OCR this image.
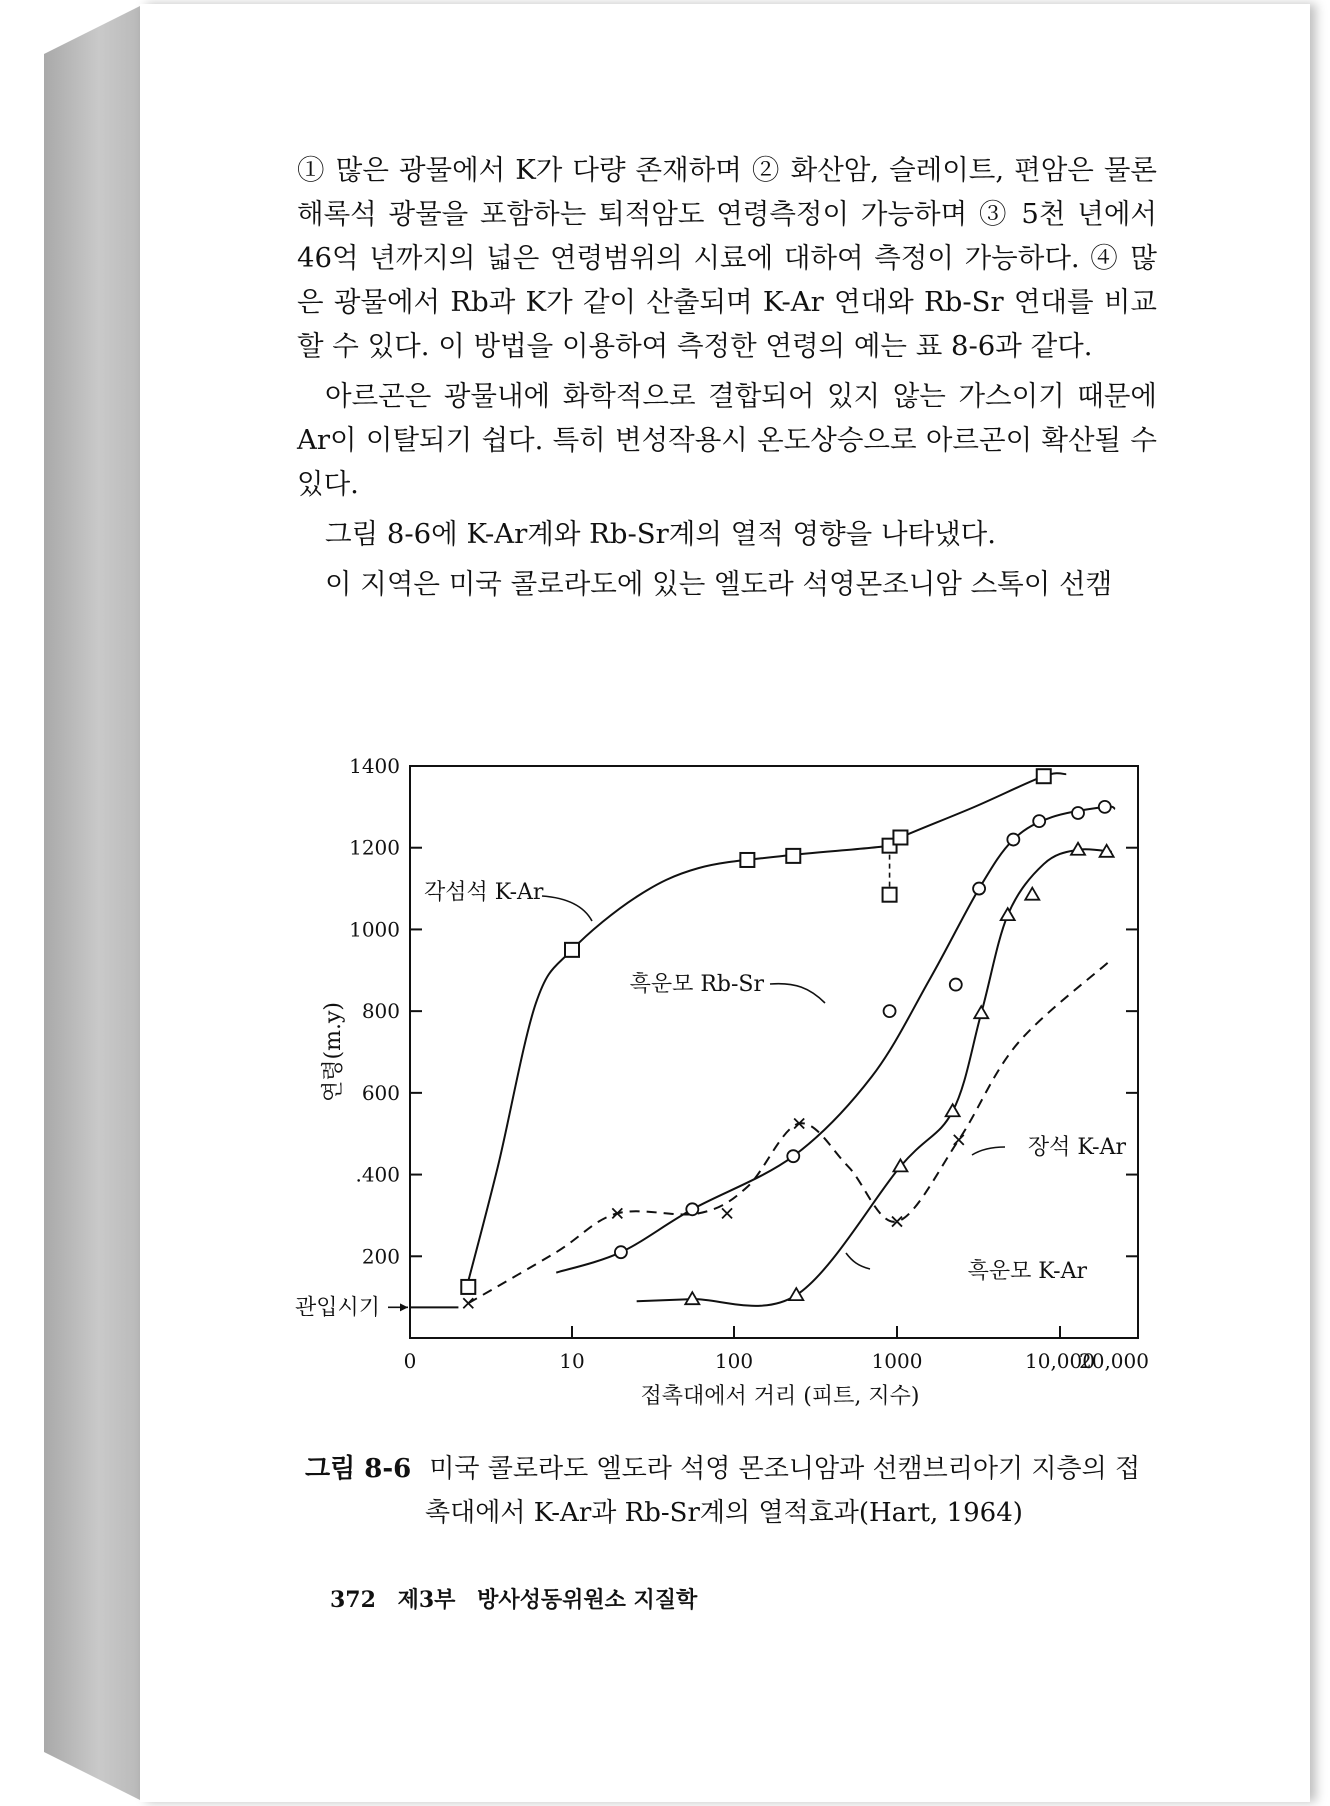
① 많은 광물에서 K가 다량 존재하며 ② 화산암, 슬레이트, 편암은 물론 해록석 광물을 포함하는 퇴적암도 연령측정이 가능하며 ③ 5천 년에서 46억 년까지의 넓은 연령범위의 시료에 대하여 측정이 가능하다. ④ 많은 광물에서 Rb과 K가 같이 산출되며 K-Ar 연대와 Rb-Sr 연대를 비교할 수 있다. 이 방법을 이용하여 측정한 연령의 예는 표 8-6과 같다.

아르곤은 광물내에 화학적으로 결합되어 있지 않는 가스이기 때문에 Ar이 이탈되기 쉽다. 특히 변성작용시 온도상승으로 아르곤이 확산될 수 있다.

그림 8-6에 K-Ar계와 Rb-Sr계의 열적 영향을 나타냈다.

이 지역은 미국 콜로라도에 있는 엘도라 석영몬조니암 스톡이 선캠

200
.400
600
800
1000
1200
1400
0	10	100	1000	10,000
20,000
접촉대에서 거리 (피트, 지수)
연령(m.y)
관입시기
각섬석 K-Ar
흑운모 Rb-Sr
장석 K-Ar
흑운모 K-Ar
그림 8-6 미국 콜로라도 엘도라 석영 몬조니암과 선캠브리아기 지층의 접
촉대에서 K-Ar과 Rb-Sr계의 열적효과(Hart, 1964)
372 제3부 방사성동위원소 지질학
